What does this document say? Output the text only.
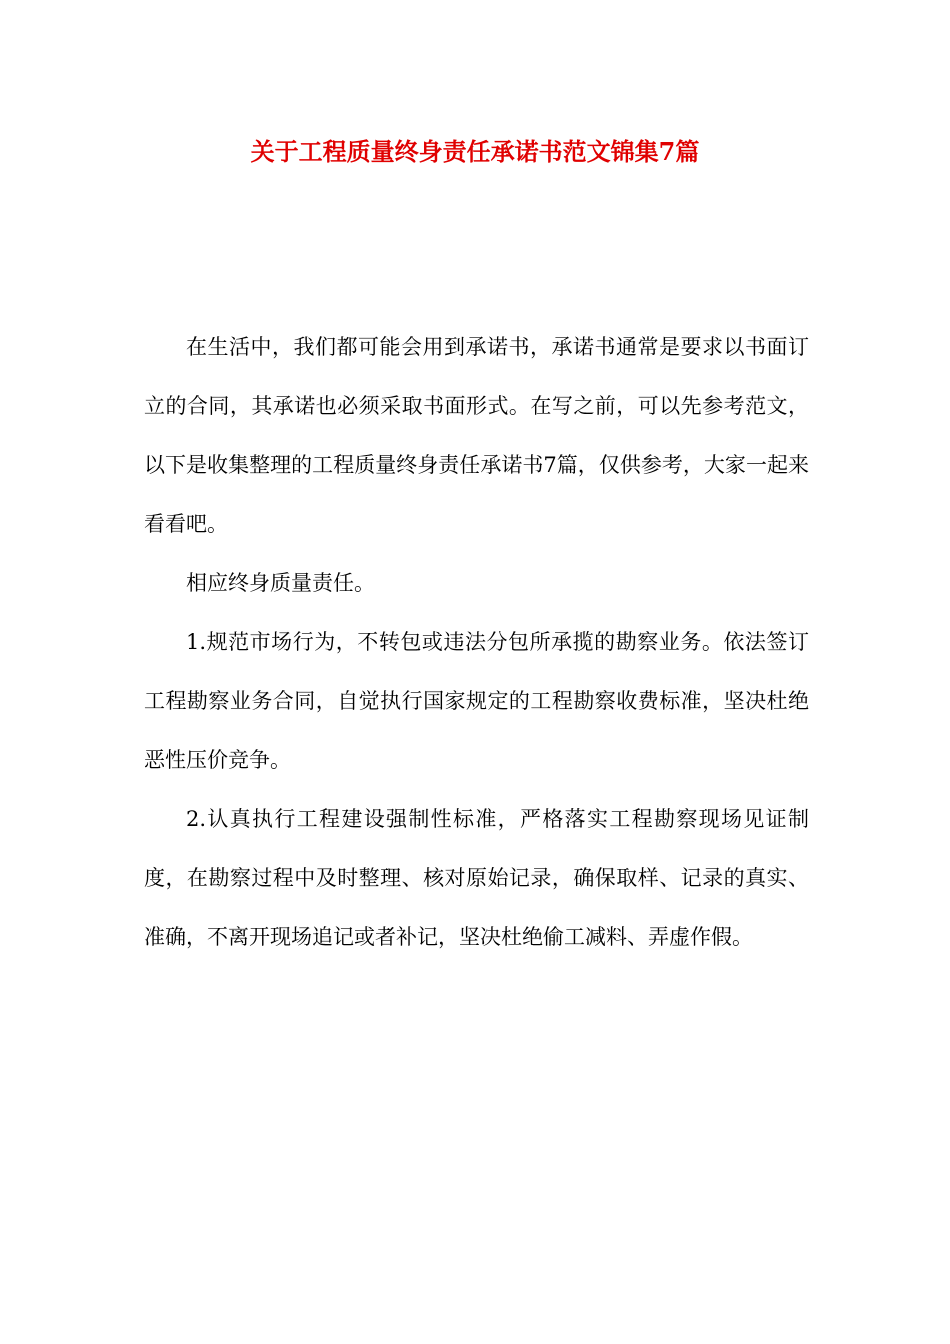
关于工程质量终身责任承诺书范文锦集7篇

在生活中，我们都可能会用到承诺书，承诺书通常是要求以书面订立的合同，其承诺也必须采取书面形式。在写之前，可以先参考范文，以下是收集整理的工程质量终身责任承诺书7篇，仅供参考，大家一起来看看吧。

相应终身质量责任。

1.规范市场行为，不转包或违法分包所承揽的勘察业务。依法签订工程勘察业务合同，自觉执行国家规定的工程勘察收费标准，坚决杜绝恶性压价竞争。

2.认真执行工程建设强制性标准，严格落实工程勘察现场见证制度，在勘察过程中及时整理、核对原始记录，确保取样、记录的真实、准确，不离开现场追记或者补记，坚决杜绝偷工减料、弄虚作假。
